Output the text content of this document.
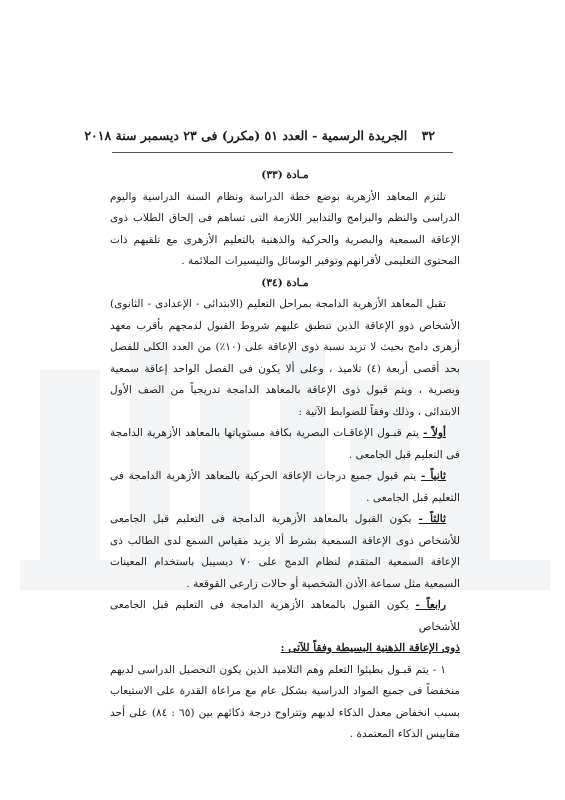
٣٢ الجريدة الرسمية - العدد ٥١ (مكرر) فى ٢٣ ديسمبر سنة ٢٠١٨
مـادة (٣٣)

تلتزم المعاهد الأزهرية بوضع خطة الدراسة ونظام السنة الدراسية واليوم الدراسى والنظم والبرامج والتدابير اللازمة التى تساهم فى إلحاق الطلاب ذوى الإعاقة السمعية والبصرية والحركية والذهنية بالتعليم الأزهرى مع تلقيهم ذات المحتوى التعليمى لأقرانهم وتوفير الوسائل والتيسيرات الملائمة .

مـادة (٣٤)

تقبل المعاهد الأزهرية الدامجة بمراحل التعليم (الابتدائى - الإعدادى - الثانوى) الأشخاص ذوو الإعاقة الذين تنطبق عليهم شروط القبول لدمجهم بأقرب معهد أزهرى دامج بحيث لا تزيد نسبة ذوى الإعاقة على (١٠٪) من العدد الكلى للفصل بحد أقصى أربعة (٤) تلاميذ ، وعلى ألا يكون فى الفصل الواحد إعاقة سمعية وبصرية ، ويتم قبول ذوى الإعاقة بالمعاهد الدامجة تدريجياً من الصف الأول الابتدائى ، وذلك وفقاً للضوابط الآتية :

أولاً - يتم قبـول الإعاقـات البصرية بكافة مستوياتها بالمعاهد الأزهرية الدامجة فى التعليم قبل الجامعى .

ثانياً - يتم قبول جميع درجات الإعاقة الحركية بالمعاهد الأزهرية الدامجة فى التعليم قبل الجامعى .

ثالثاً - يكون القبول بالمعاهد الأزهرية الدامجة فى التعليم قبل الجامعى للأشخاص ذوى الإعاقة السمعية بشرط ألا يزيد مقياس السمع لدى الطالب ذى الإعاقة السمعية المتقدم لنظام الدمج على ٧٠ ديسيبل باستخدام المعينات السمعية مثل سماعة الأذن الشخصية أو حالات زارعى القوقعة .

رابعاً - يكون القبول بالمعاهد الأزهرية الدامجة فى التعليم قبل الجامعى للأشخاص

ذوى الإعاقة الذهنية البسيطة وفقاً للآتى :

١ - يتم قبـول بطيئوا التعلم وهم التلاميذ الذين يكون التحصيل الدراسى لديهم منخفضاً فى جميع المواد الدراسية بشكل عام مع مراعاة القدرة على الاستيعاب بسبب انخفاض معدل الذكاء لديهم وتتراوح درجة ذكائهم بين (٦٥ : ٨٤) على أحد مقاييس الذكاء المعتمدة .
